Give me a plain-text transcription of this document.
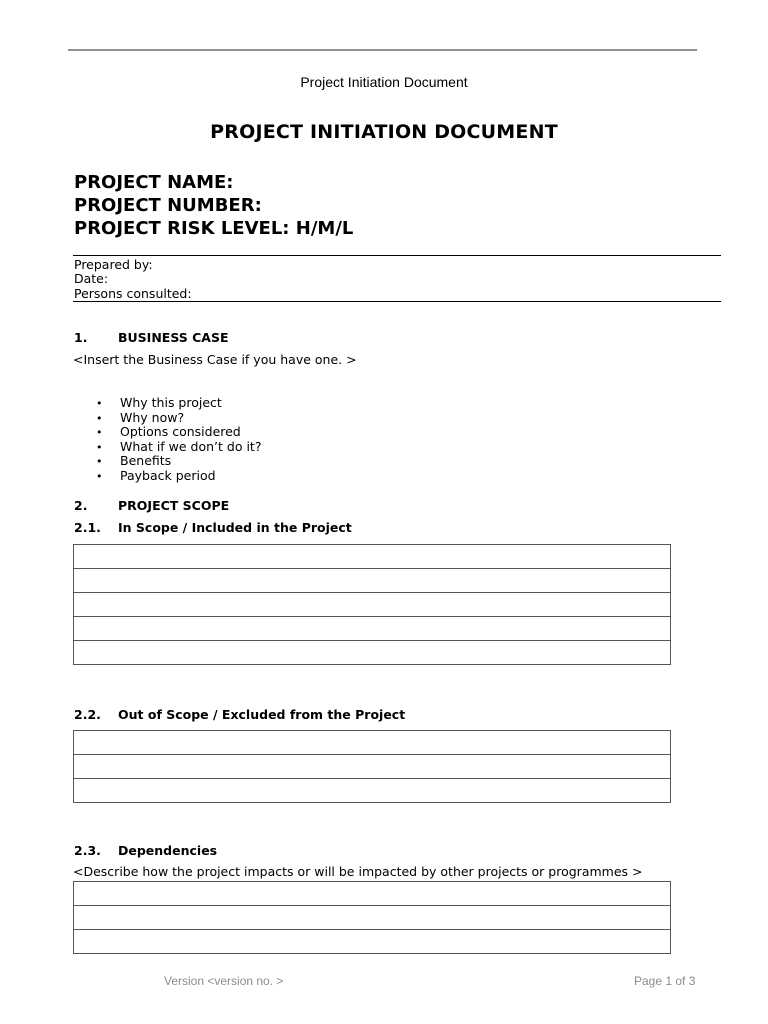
Project Initiation Document
PROJECT INITIATION DOCUMENT
PROJECT NAME:
PROJECT NUMBER:
PROJECT RISK LEVEL: H/M/L
Prepared by:
Date:
Persons consulted:
1. BUSINESS CASE
<Insert the Business Case if you have one. >
• Why this project
• Why now?
• Options considered
• What if we don’t do it?
• Benefits
• Payback period
2. PROJECT SCOPE
2.1. In Scope / Included in the Project

2.2. Out of Scope / Excluded from the Project

2.3. Dependencies
<Describe how the project impacts or will be impacted by other projects or programmes >

Version <version no. >	Page 1 of 3
